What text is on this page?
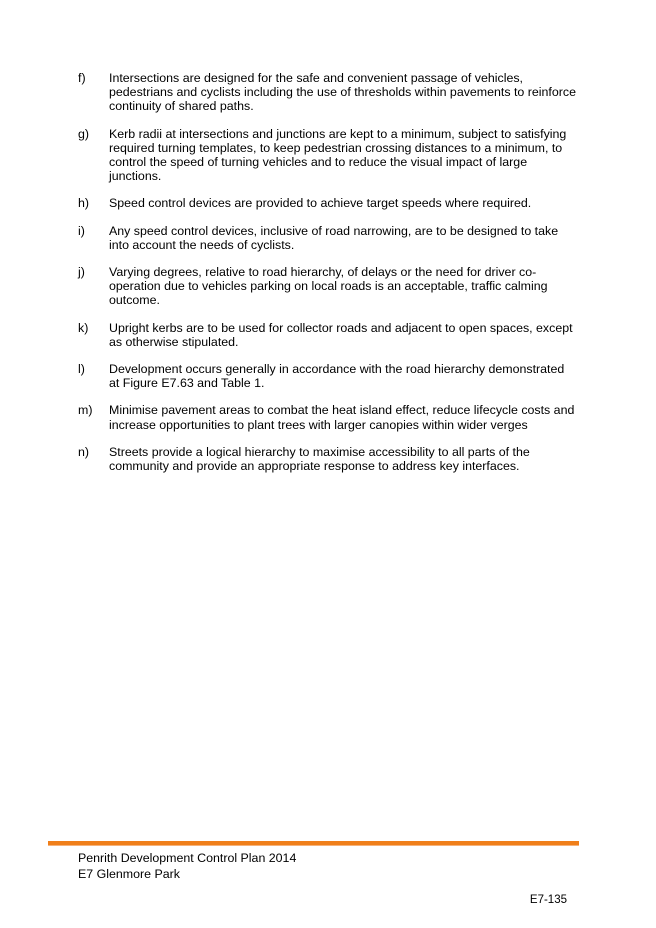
f)	Intersections are designed for the safe and convenient passage of vehicles, pedestrians and cyclists including the use of thresholds within pavements to reinforce continuity of shared paths.
g)	Kerb radii at intersections and junctions are kept to a minimum, subject to satisfying required turning templates, to keep pedestrian crossing distances to a minimum, to control the speed of turning vehicles and to reduce the visual impact of large junctions.
h)	Speed control devices are provided to achieve target speeds where required.
i)	Any speed control devices, inclusive of road narrowing, are to be designed to take into account the needs of cyclists.
j)	Varying degrees, relative to road hierarchy, of delays or the need for driver co-operation due to vehicles parking on local roads is an acceptable, traffic calming outcome.
k)	Upright kerbs are to be used for collector roads and adjacent to open spaces, except as otherwise stipulated.
l)	Development occurs generally in accordance with the road hierarchy demonstrated at Figure E7.63 and Table 1.
m)	Minimise pavement areas to combat the heat island effect, reduce lifecycle costs and increase opportunities to plant trees with larger canopies within wider verges
n)	Streets provide a logical hierarchy to maximise accessibility to all parts of the community and provide an appropriate response to address key interfaces.
Penrith Development Control Plan 2014
E7 Glenmore Park
E7-135
